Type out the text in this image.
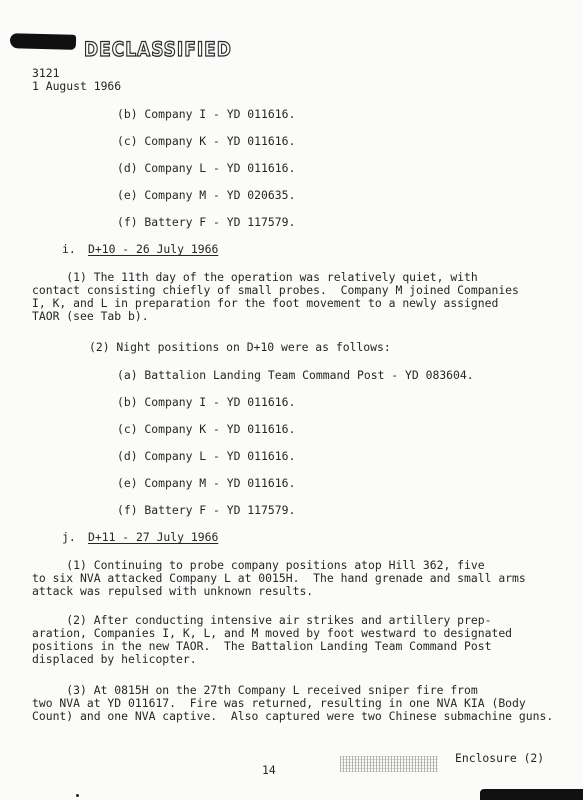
DECLASSIFIED
3121
1 August 1966
(b) Company I - YD 011616.
(c) Company K - YD 011616.
(d) Company L - YD 011616.
(e) Company M - YD 020635.
(f) Battery F - YD 117579.
i. D+10 - 26 July 1966
(1) The 11th day of the operation was relatively quiet, with
contact consisting chiefly of small probes.  Company M joined Companies
I, K, and L in preparation for the foot movement to a newly assigned
TAOR (see Tab b).
(2) Night positions on D+10 were as follows:
(a) Battalion Landing Team Command Post - YD 083604.
(b) Company I - YD 011616.
(c) Company K - YD 011616.
(d) Company L - YD 011616.
(e) Company M - YD 011616.
(f) Battery F - YD 117579.
j. D+11 - 27 July 1966
(1) Continuing to probe company positions atop Hill 362, five
to six NVA attacked Company L at 0015H.  The hand grenade and small arms
attack was repulsed with unknown results.
(2) After conducting intensive air strikes and artillery prep-
aration, Companies I, K, L, and M moved by foot westward to designated
positions in the new TAOR.  The Battalion Landing Team Command Post
displaced by helicopter.
(3) At 0815H on the 27th Company L received sniper fire from
two NVA at YD 011617.  Fire was returned, resulting in one NVA KIA (Body
Count) and one NVA captive.  Also captured were two Chinese submachine guns.
14
Enclosure (2)
